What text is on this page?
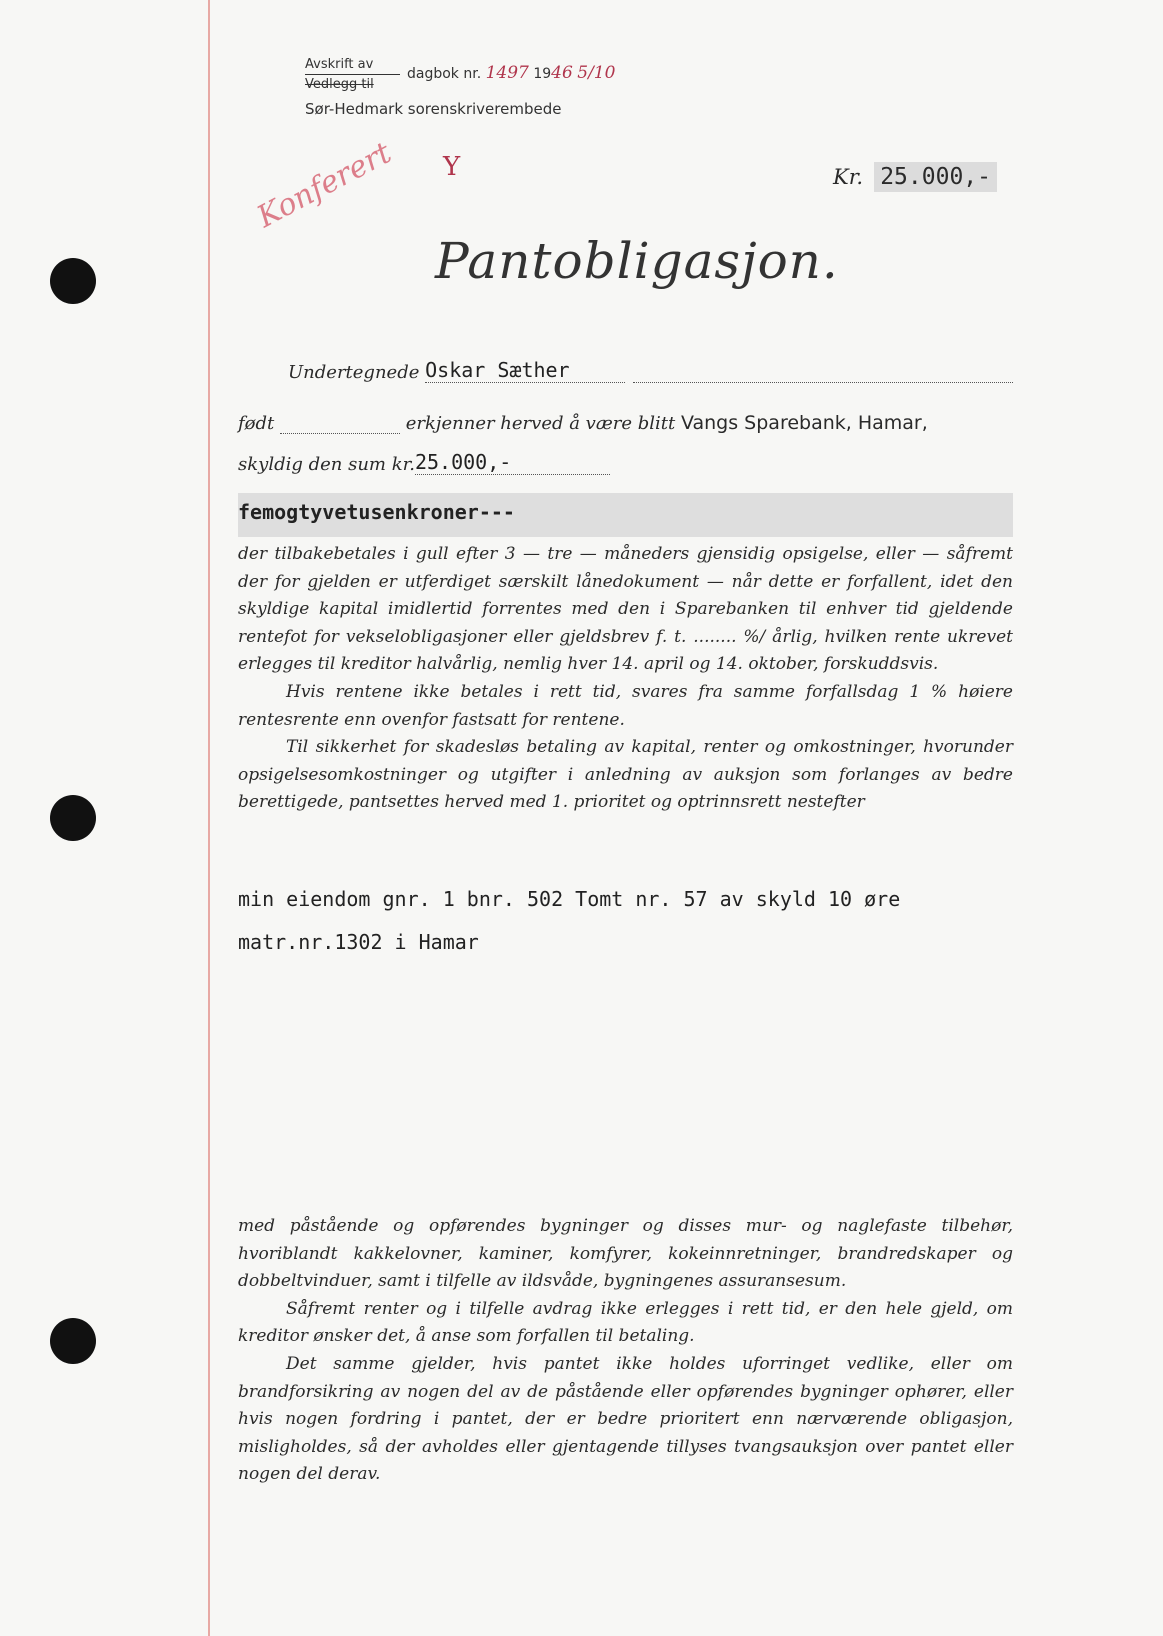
Avskrift av
Vedlegg til
dagbok nr. 1497 1946 5/10
Sør-Hedmark sorenskriverembede
Y
Konferert	Kr. 25.000,-
Pantobligasjon.
Undertegnede Oskar Sæther
født	erkjenner herved å være blitt Vangs Sparebank, Hamar,
skyldig den sum kr.25.000,-
femogtyvetusenkroner---

der tilbakebetales i gull efter 3 — tre — måneders gjensidig opsigelse, eller — såfremt der for gjelden er utferdiget særskilt lånedokument — når dette er forfallent, idet den skyldige kapital imidlertid forrentes med den i Sparebanken til enhver tid gjeldende rentefot for vekselobligasjoner eller gjeldsbrev f. t. ........ %/ årlig, hvilken rente ukrevet erlegges til kreditor halvårlig, nemlig hver 14. april og 14. oktober, forskuddsvis.

Hvis rentene ikke betales i rett tid, svares fra samme forfallsdag 1 % høiere rentesrente enn ovenfor fastsatt for rentene.

Til sikkerhet for skadesløs betaling av kapital, renter og omkostninger, hvorunder opsigelsesomkostninger og utgifter i anledning av auksjon som forlanges av bedre berettigede, pantsettes herved med 1. prioritet og optrinnsrett nestefter

min eiendom gnr. 1 bnr. 502 Tomt nr. 57 av skyld 10 øre
matr.nr.1302 i Hamar

med påstående og opførendes bygninger og disses mur- og naglefaste tilbehør, hvoriblandt kakkelovner, kaminer, komfyrer, kokeinnretninger, brandredskaper og dobbeltvinduer, samt i tilfelle av ildsvåde, bygningenes assuransesum.

Såfremt renter og i tilfelle avdrag ikke erlegges i rett tid, er den hele gjeld, om kreditor ønsker det, å anse som forfallen til betaling.

Det samme gjelder, hvis pantet ikke holdes uforringet vedlike, eller om brandforsikring av nogen del av de påstående eller opførendes bygninger ophører, eller hvis nogen fordring i pantet, der er bedre prioritert enn nærværende obligasjon, misligholdes, så der avholdes eller gjentagende tillyses tvangsauksjon over pantet eller nogen del derav.
